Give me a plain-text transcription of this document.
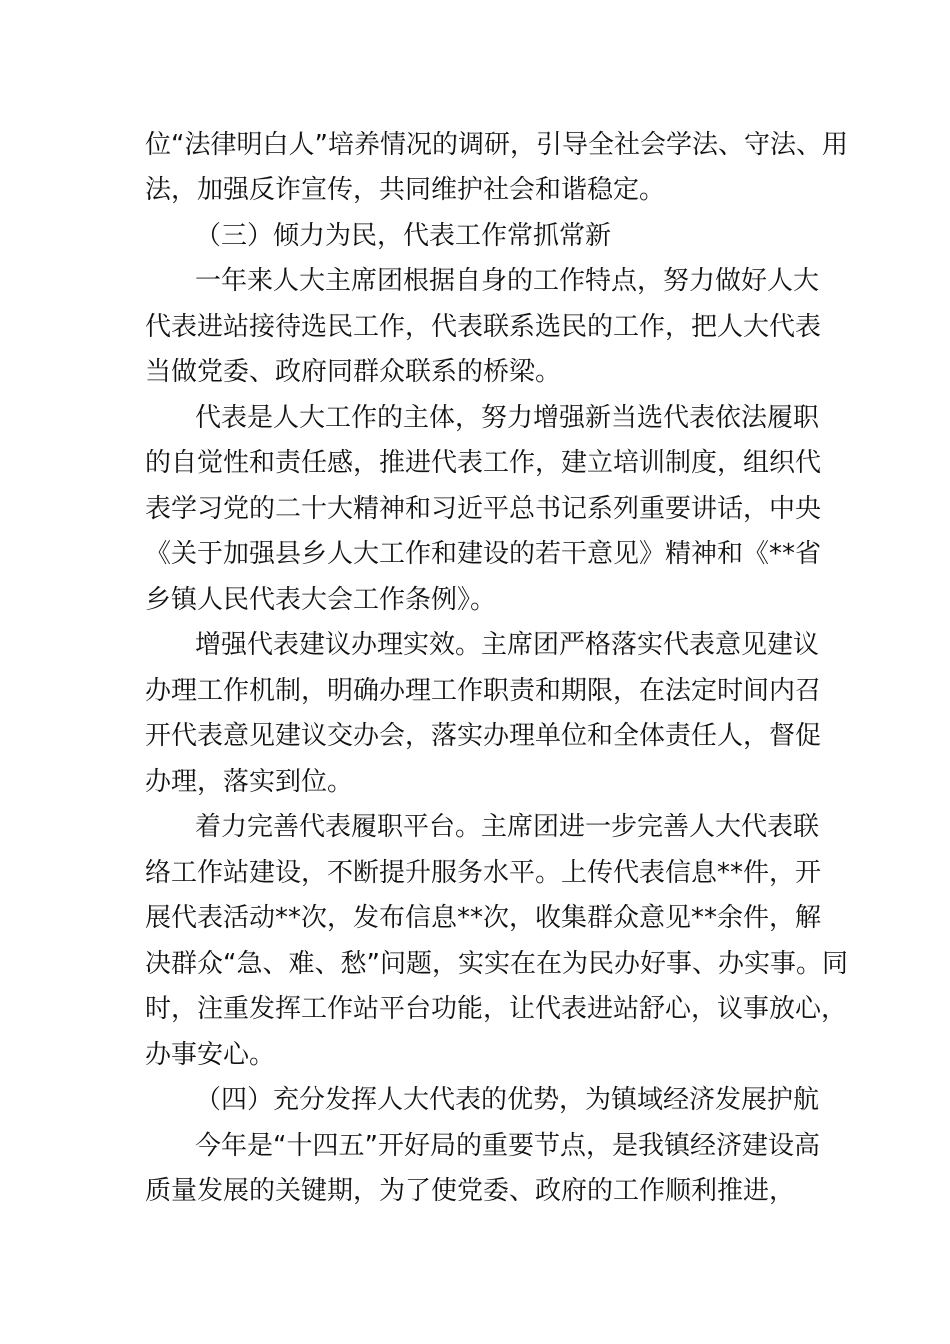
位“法律明白人”培养情况的调研，引导全社会学法、守法、用
法，加强反诈宣传，共同维护社会和谐稳定。
（三）倾力为民，代表工作常抓常新
一年来人大主席团根据自身的工作特点，努力做好人大
代表进站接待选民工作，代表联系选民的工作，把人大代表
当做党委、政府同群众联系的桥梁。
代表是人大工作的主体，努力增强新当选代表依法履职
的自觉性和责任感，推进代表工作，建立培训制度，组织代
表学习党的二十大精神和习近平总书记系列重要讲话，中央
《关于加强县乡人大工作和建设的若干意见》精神和《**省
乡镇人民代表大会工作条例》。
增强代表建议办理实效。主席团严格落实代表意见建议
办理工作机制，明确办理工作职责和期限，在法定时间内召
开代表意见建议交办会，落实办理单位和全体责任人，督促
办理，落实到位。
着力完善代表履职平台。主席团进一步完善人大代表联
络工作站建设，不断提升服务水平。上传代表信息**件，开
展代表活动**次，发布信息**次，收集群众意见**余件，解
决群众“急、难、愁”问题，实实在在为民办好事、办实事。同
时，注重发挥工作站平台功能，让代表进站舒心，议事放心，
办事安心。
（四）充分发挥人大代表的优势，为镇域经济发展护航
今年是“十四五”开好局的重要节点，是我镇经济建设高
质量发展的关键期，为了使党委、政府的工作顺利推进，
